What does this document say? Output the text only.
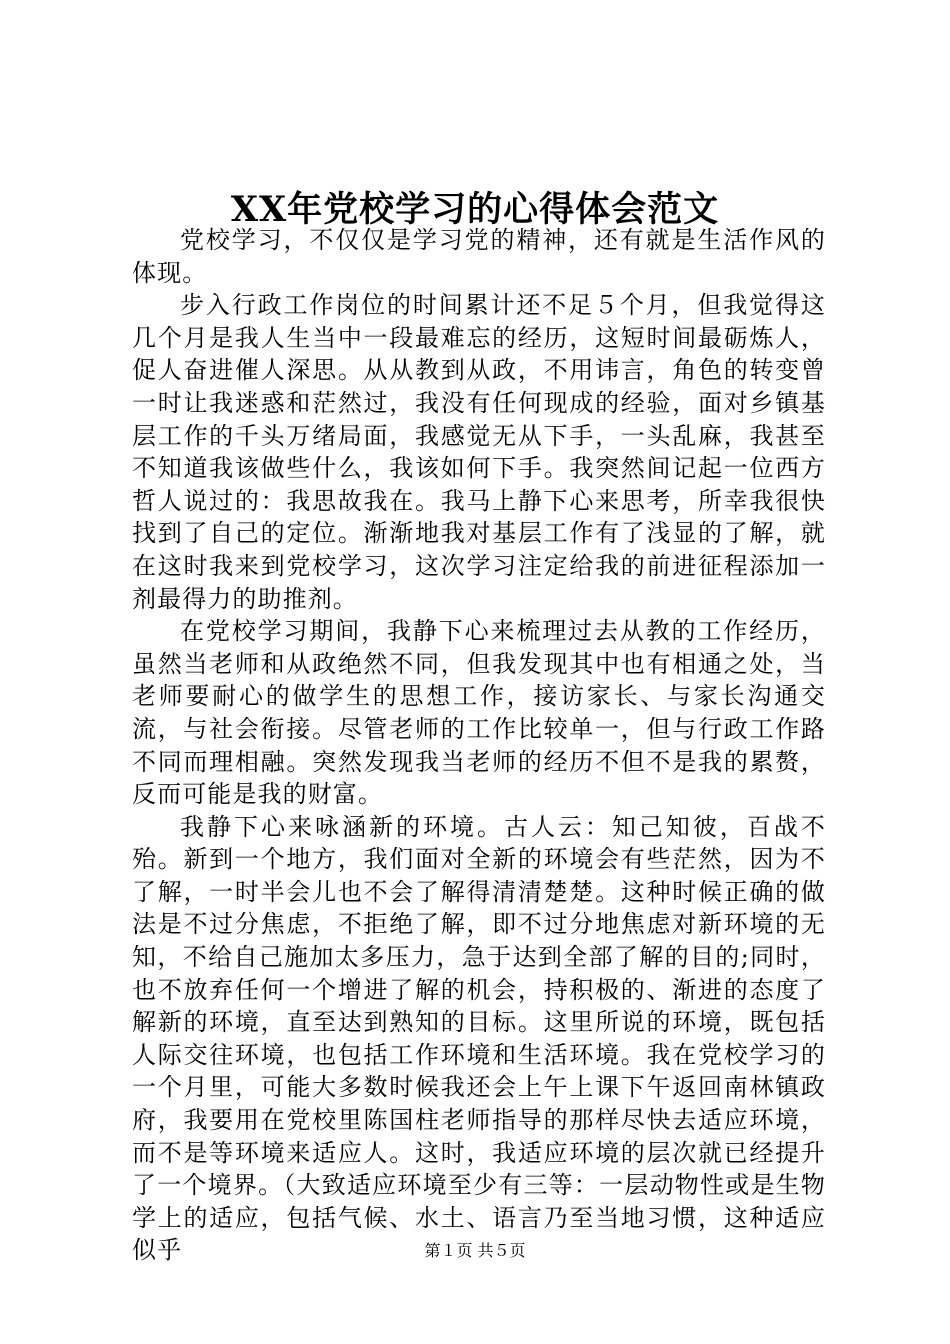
XX年党校学习的心得体会范文

党校学习，不仅仅是学习党的精神，还有就是生活作风的体现。

步入行政工作岗位的时间累计还不足５个月，但我觉得这几个月是我人生当中一段最难忘的经历，这短时间最砺炼人，促人奋进催人深思。从从教到从政，不用讳言，角色的转变曾一时让我迷惑和茫然过，我没有任何现成的经验，面对乡镇基层工作的千头万绪局面，我感觉无从下手，一头乱麻，我甚至不知道我该做些什么，我该如何下手。我突然间记起一位西方哲人说过的：我思故我在。我马上静下心来思考，所幸我很快找到了自己的定位。渐渐地我对基层工作有了浅显的了解，就在这时我来到党校学习，这次学习注定给我的前进征程添加一剂最得力的助推剂。

在党校学习期间，我静下心来梳理过去从教的工作经历，虽然当老师和从政绝然不同，但我发现其中也有相通之处，当老师要耐心的做学生的思想工作，接访家长、与家长沟通交流，与社会衔接。尽管老师的工作比较单一，但与行政工作路不同而理相融。突然发现我当老师的经历不但不是我的累赘，反而可能是我的财富。

我静下心来咏涵新的环境。古人云：知己知彼，百战不殆。新到一个地方，我们面对全新的环境会有些茫然，因为不了解，一时半会儿也不会了解得清清楚楚。这种时候正确的做法是不过分焦虑，不拒绝了解，即不过分地焦虑对新环境的无知，不给自己施加太多压力，急于达到全部了解的目的;同时，也不放弃任何一个增进了解的机会，持积极的、渐进的态度了解新的环境，直至达到熟知的目标。这里所说的环境，既包括人际交往环境，也包括工作环境和生活环境。我在党校学习的一个月里，可能大多数时候我还会上午上课下午返回南林镇政府，我要用在党校里陈国柱老师指导的那样尽快去适应环境，而不是等环境来适应人。这时，我适应环境的层次就已经提升了一个境界。（大致适应环境至少有三等：一层动物性或是生物学上的适应，包括气候、水土、语言乃至当地习惯，这种适应似乎	第１页 共５页
